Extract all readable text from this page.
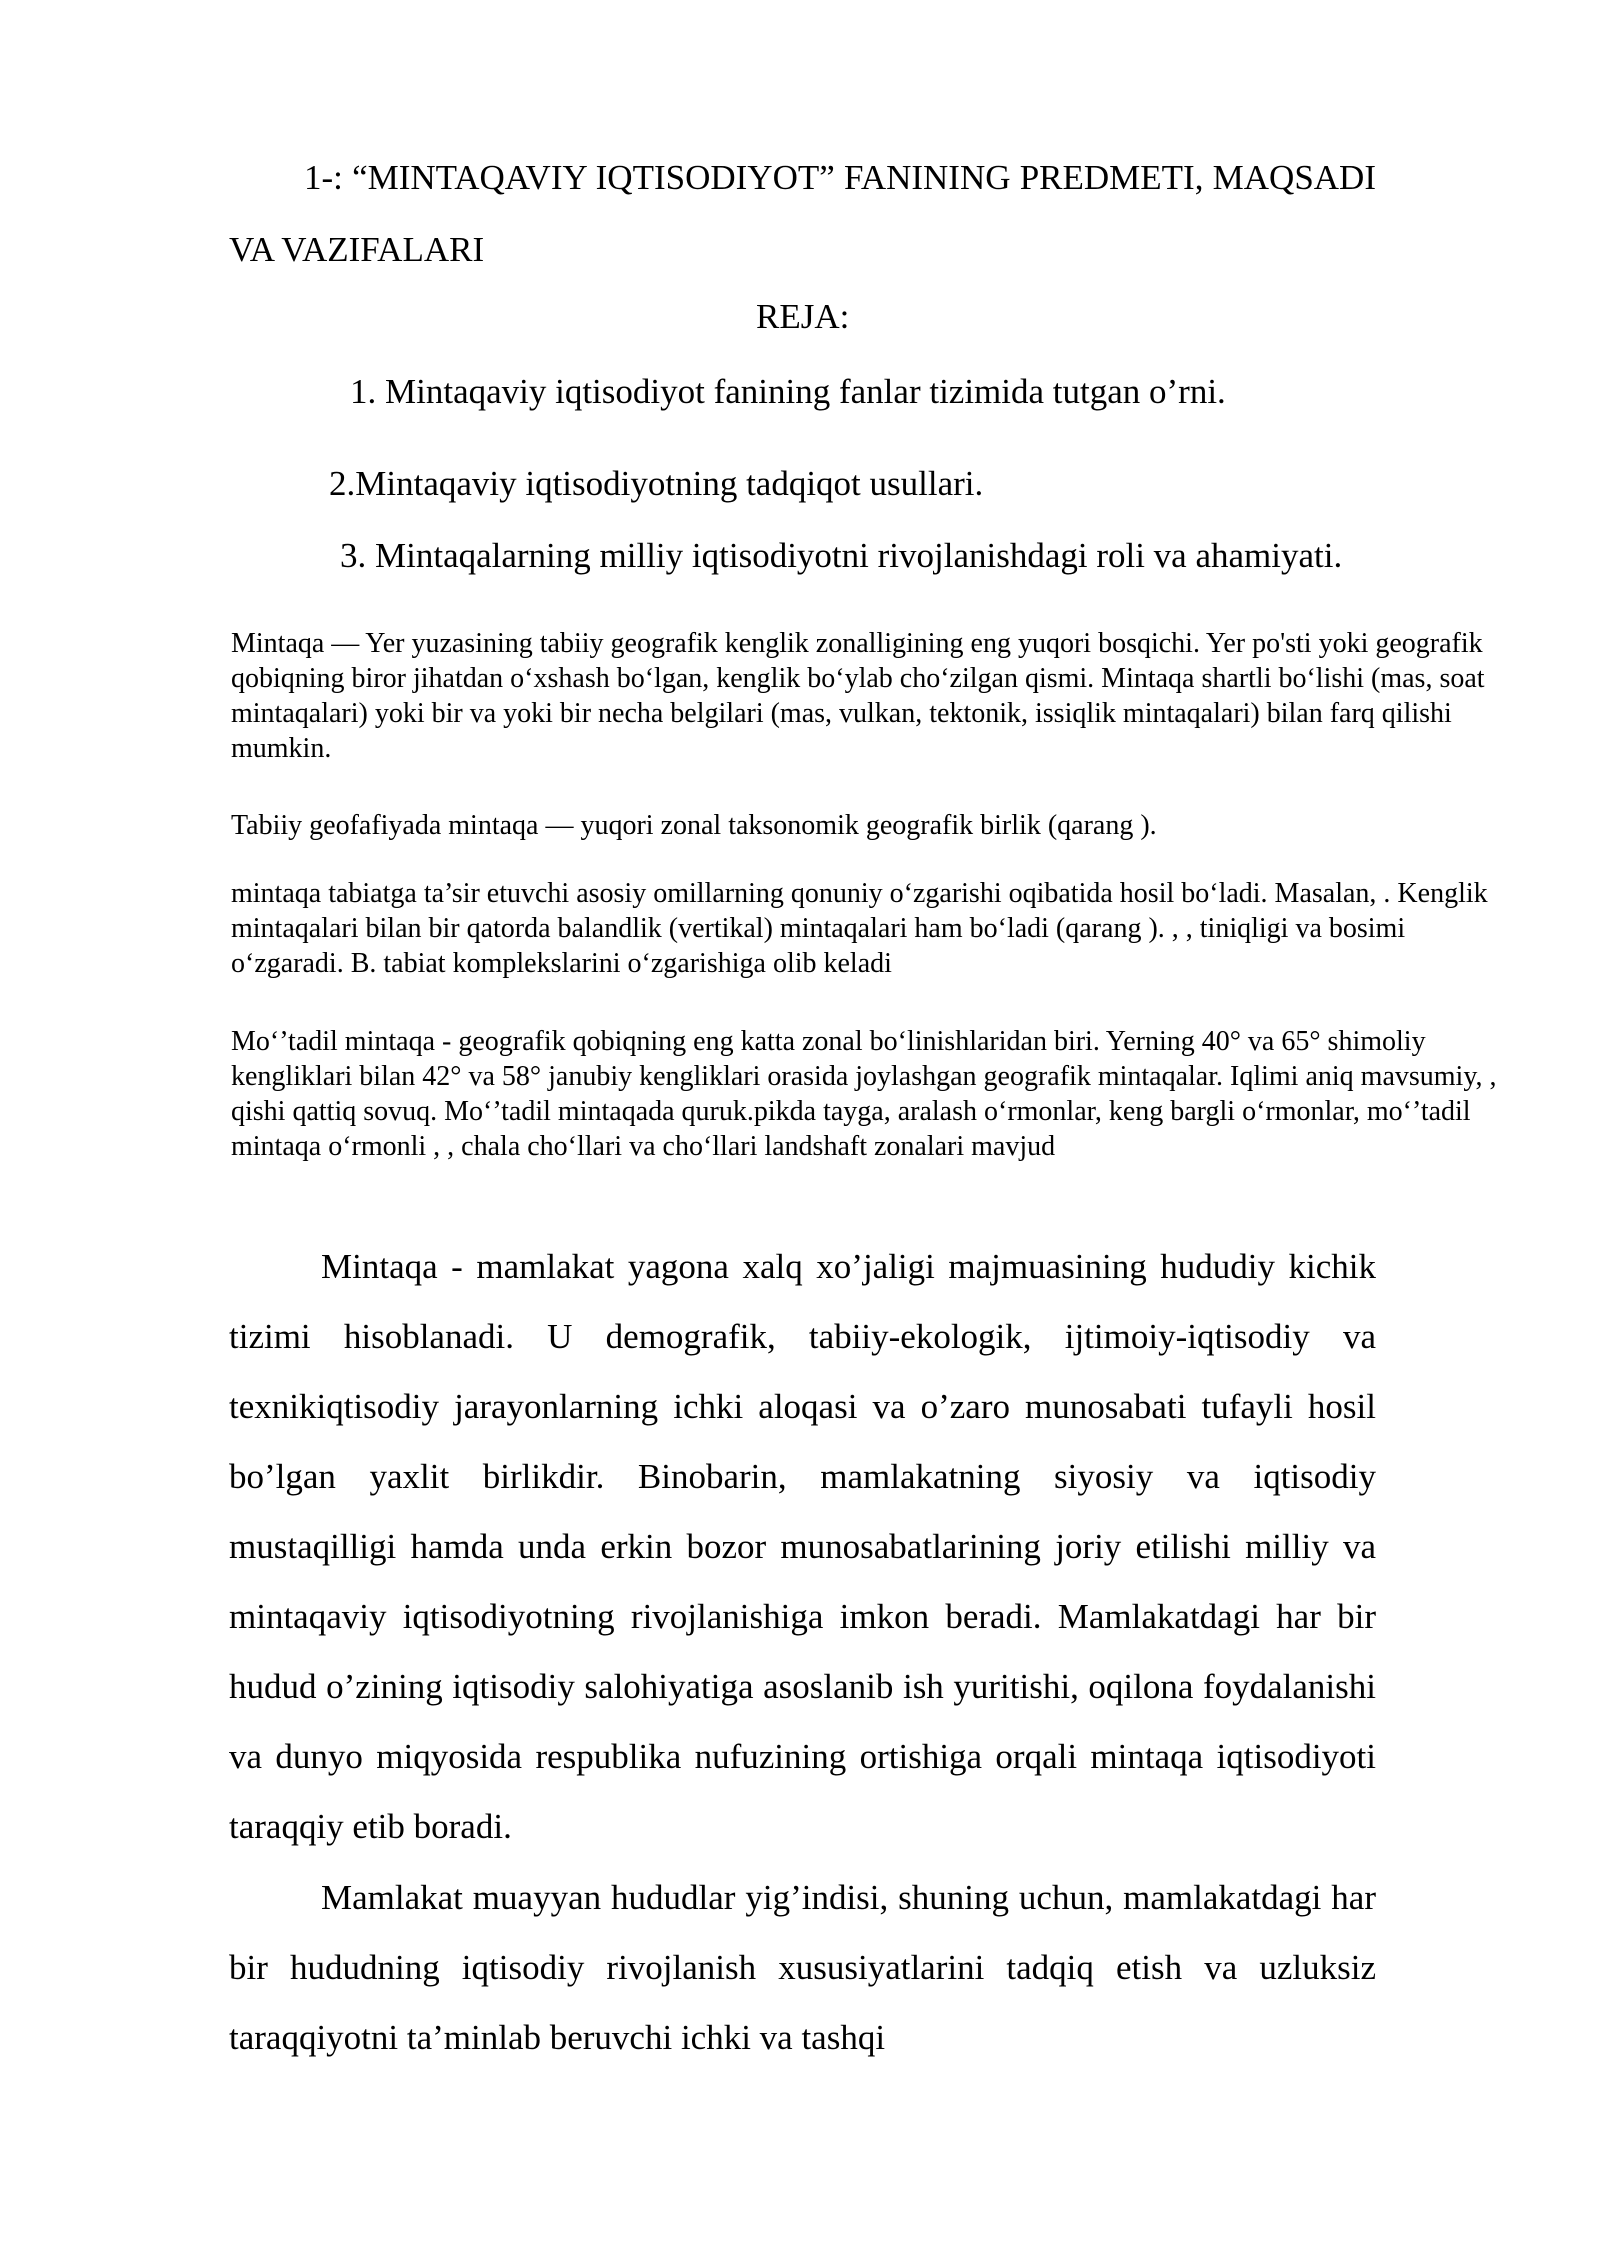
1-: “MINTAQAVIY IQTISODIYOT” FANINING PREDMETI, MAQSADI VA VAZIFALARI
REJA:
1. Mintaqaviy iqtisodiyot fanining fanlar tizimida tutgan o’rni.
2.Mintaqaviy iqtisodiyotning tadqiqot usullari.
3. Mintaqalarning milliy iqtisodiyotni rivojlanishdagi roli va ahamiyati.

Mintaqa — Yer yuzasining tabiiy geografik kenglik zonalligining eng yuqori bosqichi. Yer po'sti yoki geografik qobiqning biror jihatdan oʻxshash boʻlgan, kenglik boʻylab choʻzilgan qismi. Mintaqa shartli boʻlishi (mas, soat mintaqalari) yoki bir va yoki bir necha belgilari (mas, vulkan, tektonik, issiqlik mintaqalari) bilan farq qilishi mumkin.

Tabiiy geofafiyada mintaqa — yuqori zonal taksonomik geografik birlik (qarang ).

mintaqa tabiatga ta’sir etuvchi asosiy omillarning qonuniy oʻzgarishi oqibatida hosil boʻladi. Masalan, . Kenglik mintaqalari bilan bir qatorda balandlik (vertikal) mintaqalari ham boʻladi (qarang ). , , tiniqligi va bosimi oʻzgaradi. B. tabiat komplekslarini oʻzgarishiga olib keladi

Mo‘’tadil mintaqa - geografik qobiqning eng katta zonal boʻlinishlaridan biri. Yerning 40° va 65° shimoliy kengliklari bilan 42° va 58° janubiy kengliklari orasida joylashgan geografik mintaqalar. Iqlimi aniq mavsumiy, , qishi qattiq sovuq. Mo‘’tadil mintaqada quruk.pikda tayga, aralash oʻrmonlar, keng bargli oʻrmonlar, mo‘’tadil mintaqa oʻrmonli , , chala choʻllari va choʻllari landshaft zonalari mavjud

Mintaqa - mamlakat yagona xalq xo’jaligi majmuasining hududiy kichik tizimi hisoblanadi. U demografik, tabiiy-ekologik, ijtimoiy-iqtisodiy va texnikiqtisodiy jarayonlarning ichki aloqasi va o’zaro munosabati tufayli hosil bo’lgan yaxlit birlikdir. Binobarin, mamlakatning siyosiy va iqtisodiy mustaqilligi hamda unda erkin bozor munosabatlarining joriy etilishi milliy va mintaqaviy iqtisodiyotning rivojlanishiga imkon beradi. Mamlakatdagi har bir hudud o’zining iqtisodiy salohiyatiga asoslanib ish yuritishi, oqilona foydalanishi va dunyo miqyosida respublika nufuzining ortishiga orqali mintaqa iqtisodiyoti taraqqiy etib boradi.

Mamlakat muayyan hududlar yig’indisi, shuning uchun, mamlakatdagi har bir hududning iqtisodiy rivojlanish xususiyatlarini tadqiq etish va uzluksiz taraqqiyotni ta’minlab beruvchi ichki va tashqi
